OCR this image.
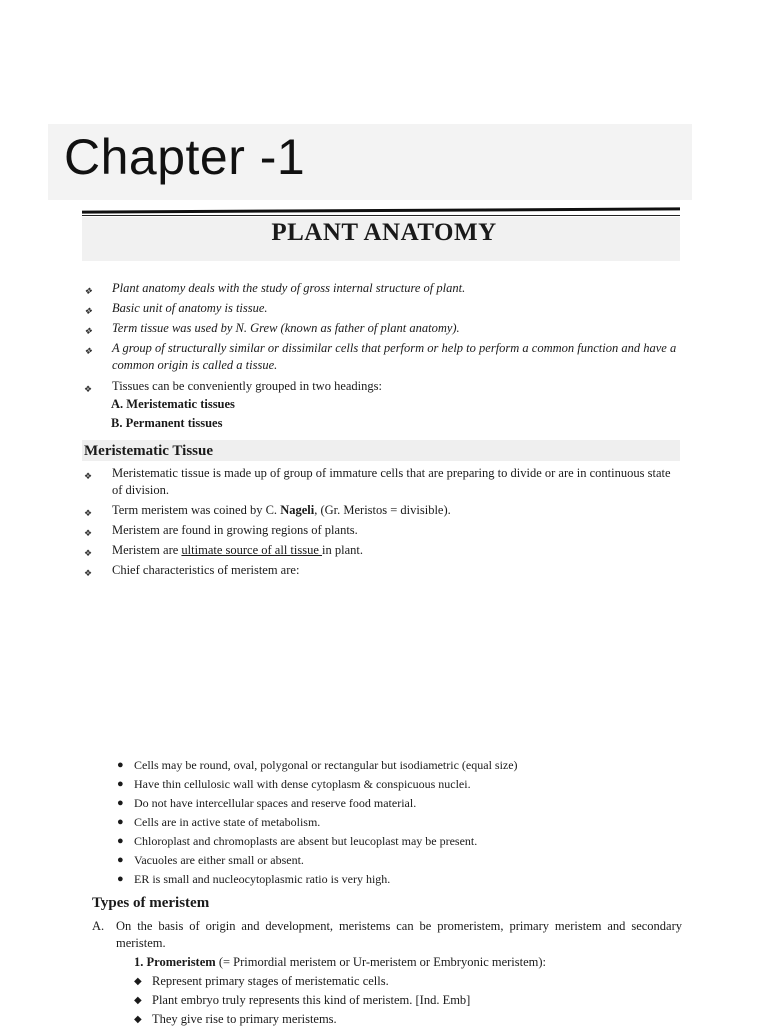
Chapter -1
PLANT ANATOMY
❖ Plant anatomy deals with the study of gross internal structure of plant.
❖ Basic unit of anatomy is tissue.
❖ Term tissue was used by N. Grew (known as father of plant anatomy).
❖ A group of structurally similar or dissimilar cells that perform or help to perform a common function and have a common origin is called a tissue.
❖ Tissues can be conveniently grouped in two headings:
A. Meristematic tissues
B. Permanent tissues
Meristematic Tissue
❖ Meristematic tissue is made up of group of immature cells that are preparing to divide or are in continuous state of division.
❖ Term meristem was coined by C. Nageli, (Gr. Meristos = divisible).
❖ Meristem are found in growing regions of plants.
❖ Meristem are ultimate source of all tissue in plant.
❖ Chief characteristics of meristem are:
● Cells may be round, oval, polygonal or rectangular but isodiametric (equal size)
● Have thin cellulosic wall with dense cytoplasm & conspicuous nuclei.
● Do not have intercellular spaces and reserve food material.
● Cells are in active state of metabolism.
● Chloroplast and chromoplasts are absent but leucoplast may be present.
● Vacuoles are either small or absent.
● ER is small and nucleocytoplasmic ratio is very high.
Types of meristem
A. On the basis of origin and development, meristems can be promeristem, primary meristem and secondary meristem.
1. Promeristem (= Primordial meristem or Ur-meristem or Embryonic meristem):
◆ Represent primary stages of meristematic cells.
◆ Plant embryo truly represents this kind of meristem. [Ind. Emb]
◆ They give rise to primary meristems.
